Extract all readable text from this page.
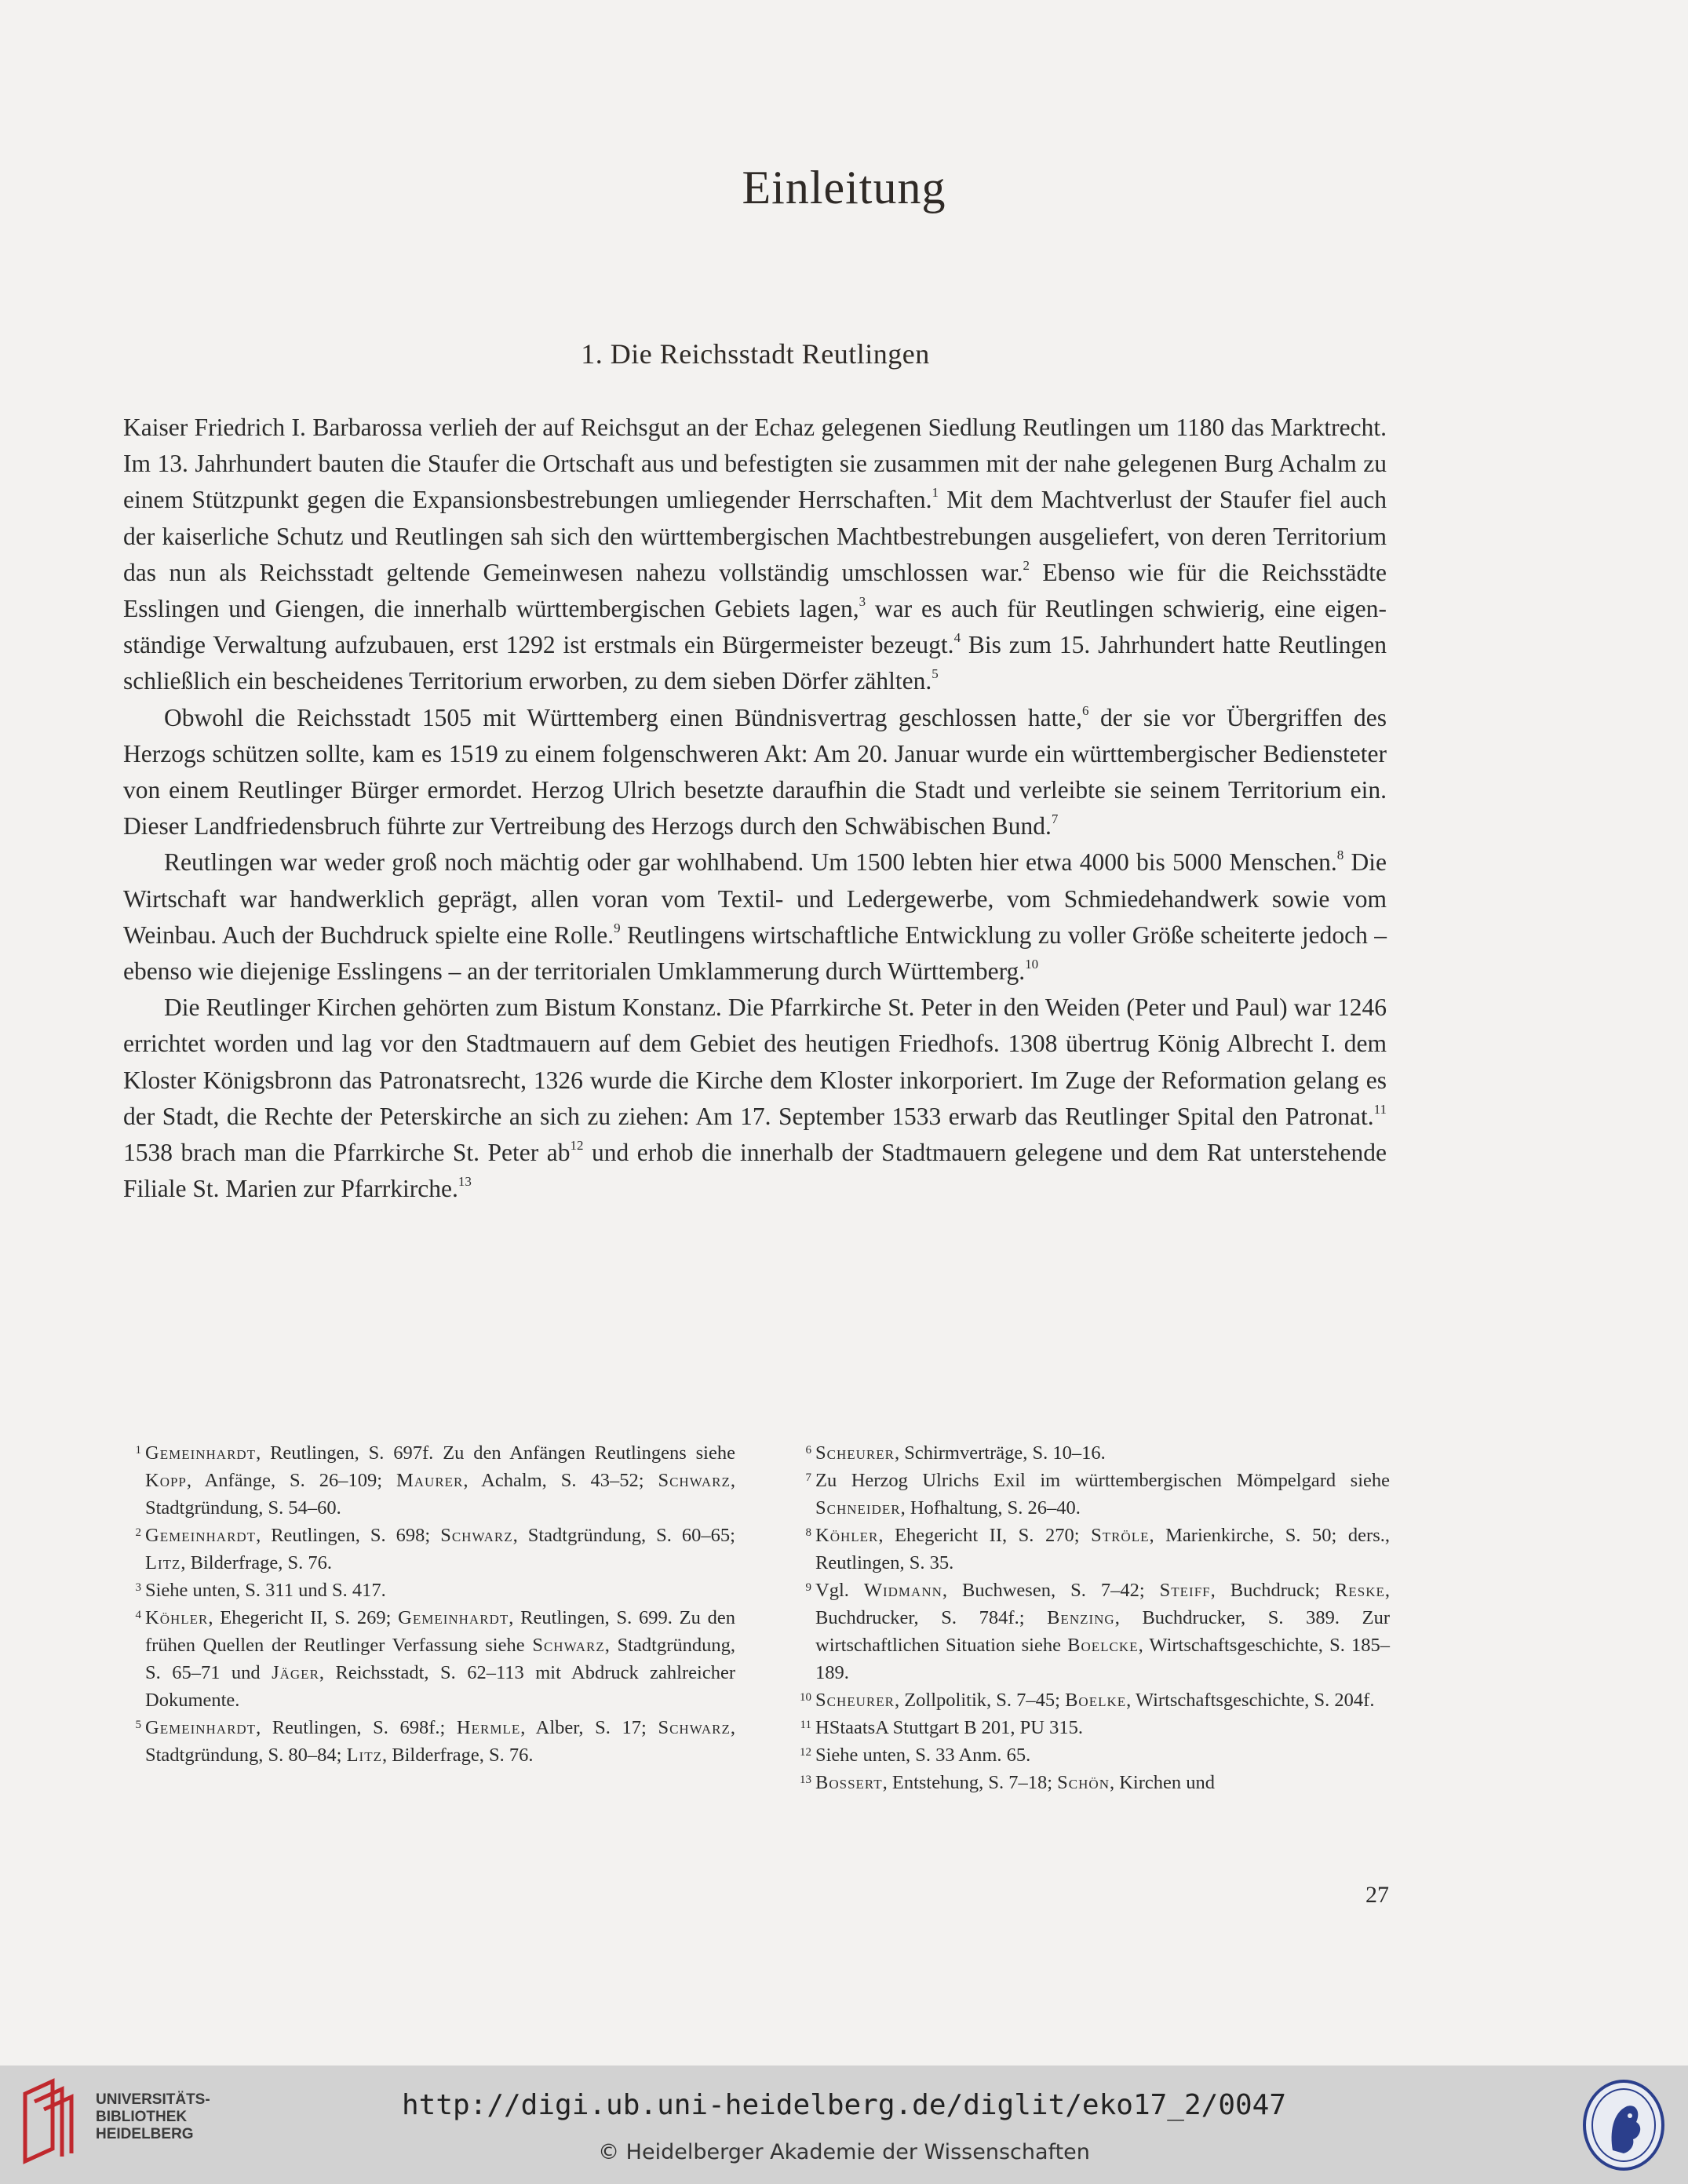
Einleitung
1. Die Reichsstadt Reutlingen

Kaiser Friedrich I. Barbarossa verlieh der auf Reichsgut an der Echaz gelegenen Siedlung Reutlingen um 1180 das Marktrecht. Im 13. Jahrhundert bauten die Staufer die Ortschaft aus und befestigten sie zusammen mit der nahe gelegenen Burg Achalm zu einem Stützpunkt gegen die Expansionsbestrebungen umliegender Herrschaften.$^1$ Mit dem Machtverlust der Staufer fiel auch der kaiserliche Schutz und Reutlingen sah sich den württembergischen Machtbestrebungen ausgeliefert, von deren Territorium das nun als Reichsstadt geltende Gemeinwesen nahezu vollständig umschlossen war.$^2$ Ebenso wie für die Reichsstädte Esslingen und Giengen, die innerhalb württembergischen Gebiets lagen,$^3$ war es auch für Reutlingen schwierig, eine eigenständige Verwaltung aufzubauen, erst 1292 ist erstmals ein Bürgermeister bezeugt.$^4$ Bis zum 15. Jahrhundert hatte Reutlingen schließlich ein bescheidenes Territorium erworben, zu dem sieben Dörfer zählten.$^5$

Obwohl die Reichsstadt 1505 mit Württemberg einen Bündnisvertrag geschlossen hatte,$^6$ der sie vor Übergriffen des Herzogs schützen sollte, kam es 1519 zu einem folgenschweren Akt: Am 20. Januar wurde ein württembergischer Bediensteter von einem Reutlinger Bürger ermordet. Herzog Ulrich besetzte daraufhin die Stadt und verleibte sie seinem Territorium ein. Dieser Landfriedensbruch führte zur Vertreibung des Herzogs durch den Schwäbischen Bund.$^7$

Reutlingen war weder groß noch mächtig oder gar wohlhabend. Um 1500 lebten hier etwa 4000 bis 5000 Menschen.$^8$ Die Wirtschaft war handwerklich geprägt, allen voran vom Textil- und Ledergewerbe, vom Schmiedehandwerk sowie vom Weinbau. Auch der Buchdruck spielte eine Rolle.$^9$ Reutlingens wirtschaftliche Entwicklung zu voller Größe scheiterte jedoch – ebenso wie diejenige Esslingens – an der territorialen Umklammerung durch Württemberg.$^{10}$

Die Reutlinger Kirchen gehörten zum Bistum Konstanz. Die Pfarrkirche St. Peter in den Weiden (Peter und Paul) war 1246 errichtet worden und lag vor den Stadtmauern auf dem Gebiet des heutigen Friedhofs. 1308 übertrug König Albrecht I. dem Kloster Königsbronn das Patronatsrecht, 1326 wurde die Kirche dem Kloster inkorporiert. Im Zuge der Reformation gelang es der Stadt, die Rechte der Peterskirche an sich zu ziehen: Am 17. September 1533 erwarb das Reutlinger Spital den Patronat.$^{11}$ 1538 brach man die Pfarrkirche St. Peter $ab^{12}$ und erhob die innerhalb der Stadtmauern gelegene und dem Rat unterstehende Filiale St. Marien zur Pfarrkirche.$^{13}$

1 Gemeinhardt, Reutlingen, S. 697f. Zu den Anfängen Reutlingens siehe Kopp, Anfänge, S. 26–109; Maurer, Achalm, S. 43–52; Schwarz, Stadtgründung, S. 54–60.
2 Gemeinhardt, Reutlingen, S. 698; Schwarz, Stadtgründung, S. 60–65; Litz, Bilderfrage, S. 76.
3 Siehe unten, S. 311 und S. 417.
4 Köhler, Ehegericht II, S. 269; Gemeinhardt, Reutlingen, S. 699. Zu den frühen Quellen der Reutlinger Verfassung siehe Schwarz, Stadtgründung, S. 65–71 und Jäger, Reichsstadt, S. 62–113 mit Abdruck zahlreicher Dokumente.
5 Gemeinhardt, Reutlingen, S. 698f.; Hermle, Alber, S. 17; Schwarz, Stadtgründung, S. 80–84; Litz, Bilderfrage, S. 76.
6 Scheurer, Schirmverträge, S. 10–16.
7 Zu Herzog Ulrichs Exil im württembergischen Mömpelgard siehe Schneider, Hofhaltung, S. 26–40.
8 Köhler, Ehegericht II, S. 270; Ströle, Marienkirche, S. 50; ders., Reutlingen, S. 35.
9 Vgl. Widmann, Buchwesen, S. 7–42; Steiff, Buchdruck; Reske, Buchdrucker, S. 784f.; Benzing, Buchdrucker, S. 389. Zur wirtschaftlichen Situation siehe Boelcke, Wirtschaftsgeschichte, S. 185–189.
10 Scheurer, Zollpolitik, S. 7–45; Boelke, Wirtschaftsgeschichte, S. 204f.
11 HStaatsA Stuttgart B 201, PU 315.
12 Siehe unten, S. 33 Anm. 65.
13 Bossert, Entstehung, S. 7–18; Schön, Kirchen und
27
UNIVERSITÄTS-
BIBLIOTHEK
HEIDELBERG
http://digi.ub.uni-heidelberg.de/diglit/eko17_2/0047
© Heidelberger Akademie der Wissenschaften
